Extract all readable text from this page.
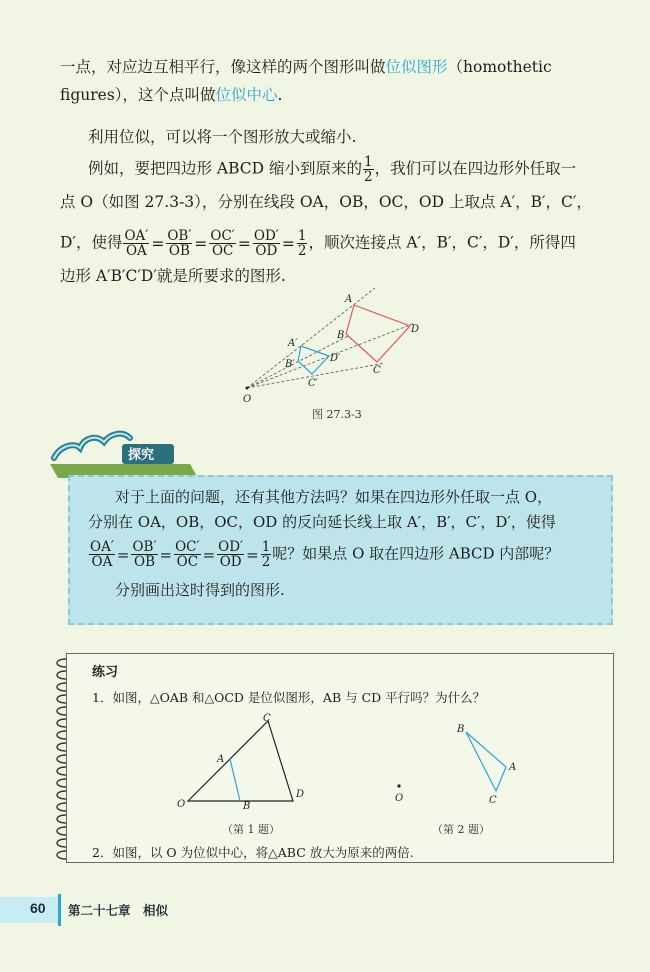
一点，对应边互相平行，像这样的两个图形叫做位似图形（homothetic
figures），这个点叫做位似中心.
利用位似，可以将一个图形放大或缩小.
例如，要把四边形 ABCD 缩小到原来的 $\frac{1}{2}$ ，我们可以在四边形外任取一
点 O（如图 27.3-3），分别在线段 OA，OB，OC，OD 上取点 A′，B′，C′，
D′，使得 $\frac{OA'}{OA} = \frac{OB'}{OB} = \frac{OC'}{OC} = \frac{OD'}{OD} = \frac{1}{2}$ ，顺次连接点 A′，B′，C′，D′，所得四
边形 A′B′C′D′就是所要求的图形.
A
B
C
D
A′
B′
C′
D′
O
图 27.3-3
探究
对于上面的问题，还有其他方法吗？如果在四边形外任取一点 O，
分别在 OA，OB，OC，OD 的反向延长线上取 A′，B′，C′，D′，使得
$\frac{OA'}{OA} = \frac{OB'}{OB} = \frac{OC'}{OC} = \frac{OD'}{OD} = \frac{1}{2}$ 呢？如果点 O 取在四边形 ABCD 内部呢？
分别画出这时得到的图形.
练习
1．如图，△OAB 和△OCD 是位似图形，AB 与 CD 平行吗？为什么？
C
A
O	B
D
（第 1 题）
B
A
C
O
（第 2 题）
2．如图，以 O 为位似中心，将△ABC 放大为原来的两倍.
60 第二十七章　相似
